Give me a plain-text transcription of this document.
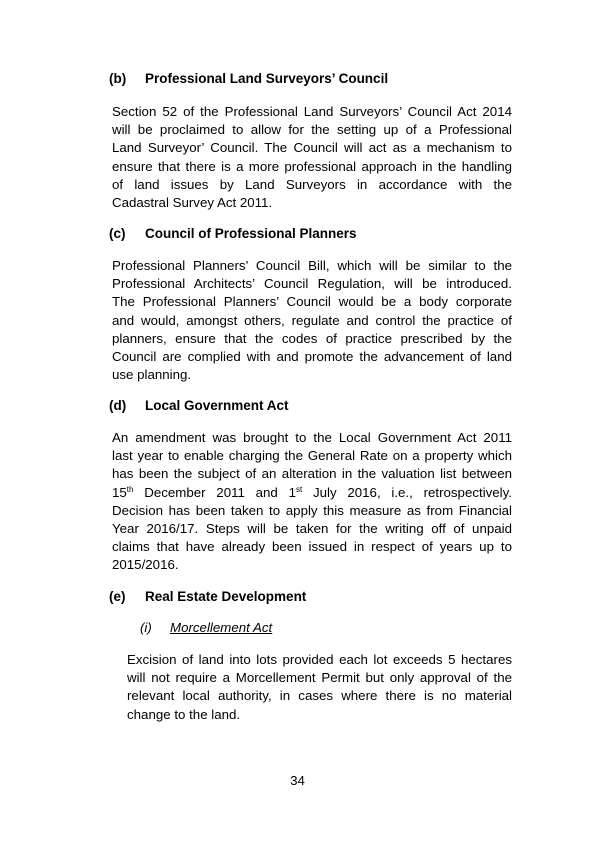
(b) Professional Land Surveyors’ Council
Section 52 of the Professional Land Surveyors’ Council Act 2014
will be proclaimed to allow for the setting up of a Professional
Land Surveyor’ Council. The Council will act as a mechanism to
ensure that there is a more professional approach in the handling
of land issues by Land Surveyors in accordance with the
Cadastral Survey Act 2011.
(c) Council of Professional Planners
Professional Planners’ Council Bill, which will be similar to the
Professional Architects’ Council Regulation, will be introduced.
The Professional Planners’ Council would be a body corporate
and would, amongst others, regulate and control the practice of
planners, ensure that the codes of practice prescribed by the
Council are complied with and promote the advancement of land
use planning.
(d) Local Government Act
An amendment was brought to the Local Government Act 2011
last year to enable charging the General Rate on a property which
has been the subject of an alteration in the valuation list between
15th December 2011 and 1st July 2016, i.e., retrospectively.
Decision has been taken to apply this measure as from Financial
Year 2016/17. Steps will be taken for the writing off of unpaid
claims that have already been issued in respect of years up to
2015/2016.
(e) Real Estate Development
(i) Morcellement Act
Excision of land into lots provided each lot exceeds 5 hectares
will not require a Morcellement Permit but only approval of the
relevant local authority, in cases where there is no material
change to the land.
34
